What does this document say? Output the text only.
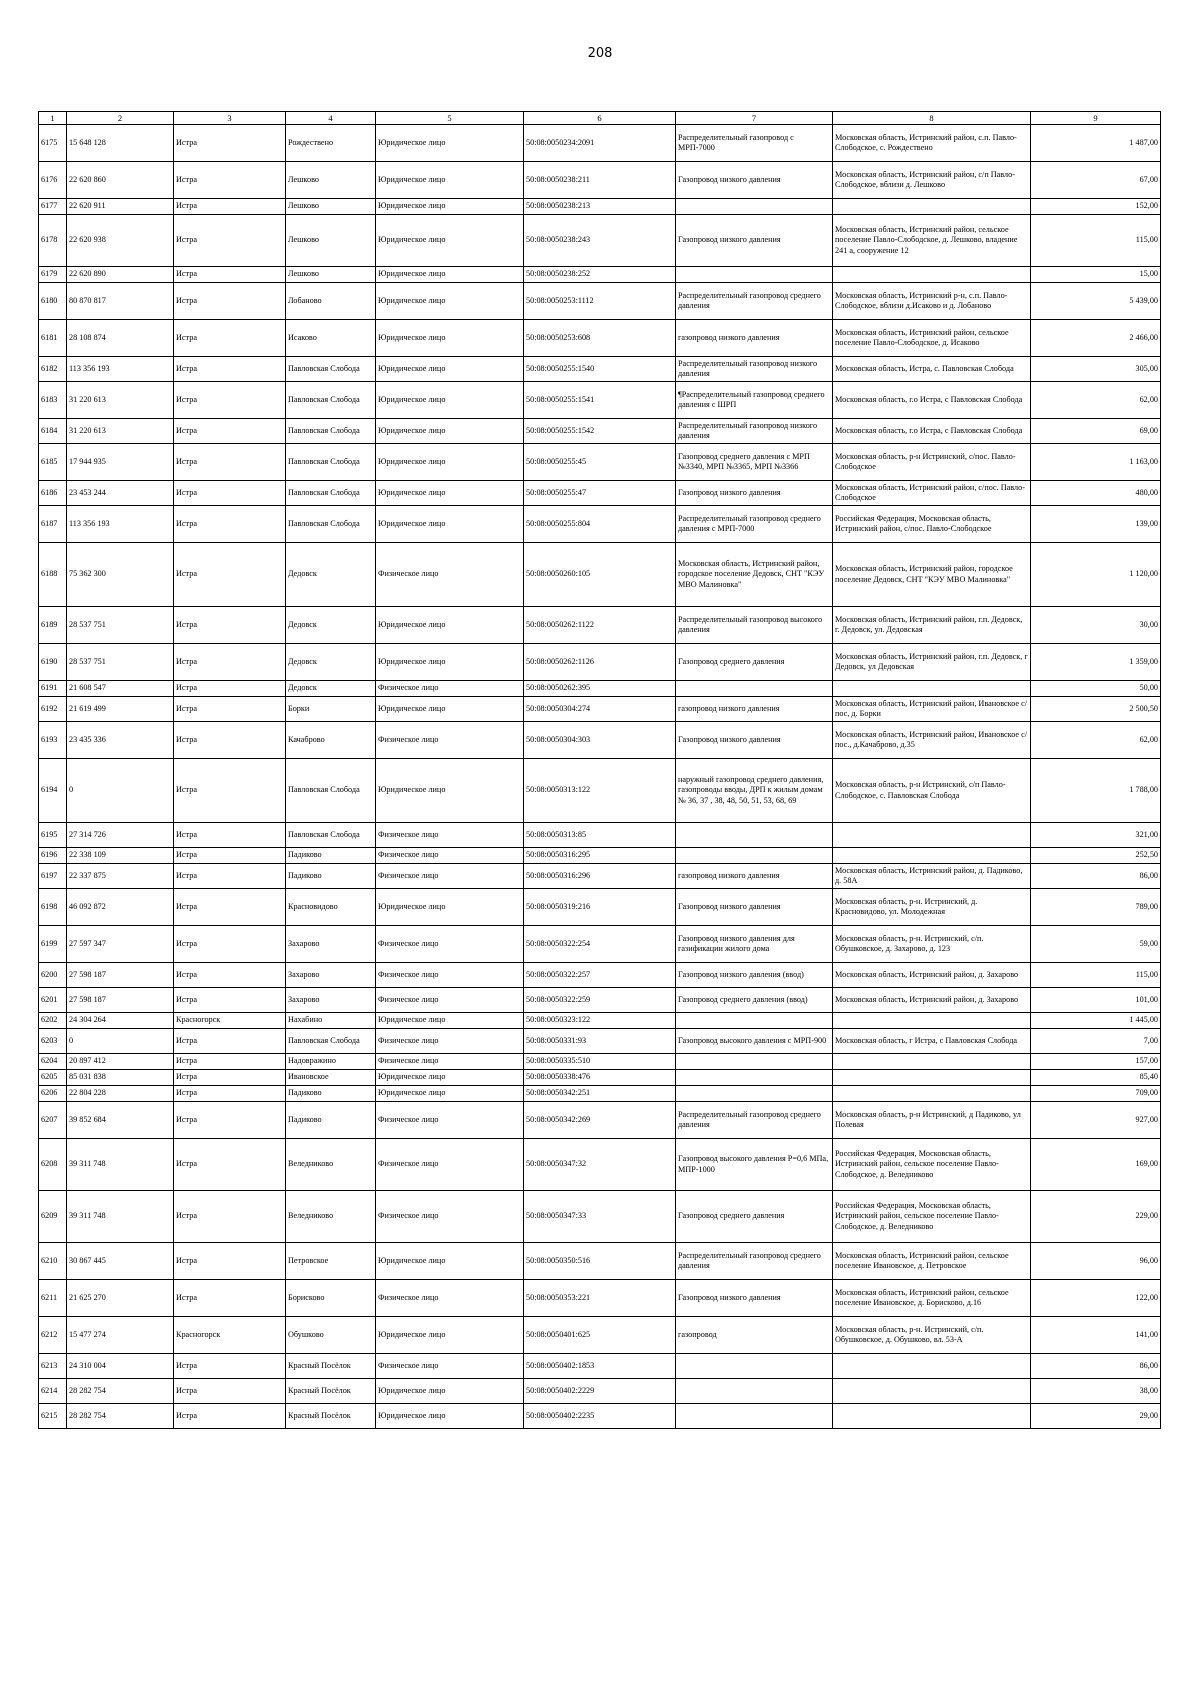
208
1	2	3	4	5	6	7	8	9
6175	15 648 128	Истра	Рождествено	Юридическое лицо	50:08:0050234:2091	Распределительный газопровод с МРП-7000	Московская область, Истринский район, с.п. Павло-Слободское, с. Рождествено	1 487,00
6176	22 620 860	Истра	Лешково	Юридическое лицо	50:08:0050238:211	Газопровод низкого давления	Московская область, Истринский район, с/п Павло-Слободское, вблизи д. Лешково	67,00
6177	22 620 911	Истра	Лешково	Юридическое лицо	50:08:0050238:213			152,00
6178	22 620 938	Истра	Лешково	Юридическое лицо	50:08:0050238:243	Газопровод низкого давления	Московская область, Истринский район, сельское поселение Павло-Слободское, д. Лешково, владение 241 а, сооружение 12	115,00
6179	22 620 890	Истра	Лешково	Юридическое лицо	50:08:0050238:252			15,00
6180	80 870 817	Истра	Лобаново	Юридическое лицо	50:08:0050253:1112	Распределительный газопровод среднего давления	Московская область, Истринский р-н, с.п. Павло-Слободское, вблизи д.Исаково и д. Лобаново	5 439,00
6181	28 108 874	Истра	Исаково	Юридическое лицо	50:08:0050253:608	газопровод низкого давления	Московская область, Истринский район, сельское поселение Павло-Слободское, д. Исаково	2 466,00
6182	113 356 193	Истра	Павловская Слобода	Юридическое лицо	50:08:0050255:1540	Распределительный газопровод низкого давления	Московская область, Истра, с. Павловская Слобода	305,00
6183	31 220 613	Истра	Павловская Слобода	Юридическое лицо	50:08:0050255:1541	¶Распределительный газопровод среднего давления с ШРП	Московская область, г.о Истра, с Павловская Слобода	62,00
6184	31 220 613	Истра	Павловская Слобода	Юридическое лицо	50:08:0050255:1542	Распределительный газопровод низкого давления	Московская область, г.о Истра, с Павловская Слобода	69,00
6185	17 944 935	Истра	Павловская Слобода	Юридическое лицо	50:08:0050255:45	Газопровод среднего давления с МРП №3340, МРП №3365, МРП №3366	Московская область, р-н Истринский, с/пос. Павло-Слободское	1 163,00
6186	23 453 244	Истра	Павловская Слобода	Юридическое лицо	50:08:0050255:47	Газопровод низкого давления	Московская область, Истринский район, с/пос. Павло-Слободское	480,00
6187	113 356 193	Истра	Павловская Слобода	Юридическое лицо	50:08:0050255:804	Распределительный газопровод среднего давления с МРП-7000	Российская Федерация, Московская область, Истринский район, с/пос. Павло-Слободское	139,00
6188	75 362 300	Истра	Дедовск	Физическое лицо	50:08:0050260:105	Московская область, Истринский район, городское поселение Дедовск, СНТ "КЭУ МВО Малиновка"	Московская область, Истринский район, городское поселение Дедовск, СНТ "КЭУ МВО Малиновка"	1 120,00
6189	28 537 751	Истра	Дедовск	Юридическое лицо	50:08:0050262:1122	Распределительный газопровод высокого давления	Московская область, Истринский район, г.п. Дедовск, г. Дедовск, ул. Дедовская	30,00
6190	28 537 751	Истра	Дедовск	Юридическое лицо	50:08:0050262:1126	Газопровод среднего давления	Московская область, Истринский район, г.п. Дедовск, г Дедовск, ул Дедовская	1 359,00
6191	21 608 547	Истра	Дедовск	Физическое лицо	50:08:0050262:395			50,00
6192	21 619 499	Истра	Борки	Юридическое лицо	50:08:0050304:274	газопровод низкого давления	Московская область, Истринский район, Ивановское с/пос, д. Борки	2 500,50
6193	23 435 336	Истра	Качаброво	Физическое лицо	50:08:0050304:303	Газопровод низкого давления	Московская область, Истринский район, Ивановское с/пос., д.Качаброво, д.35	62,00
6194	0	Истра	Павловская Слобода	Юридическое лицо	50:08:0050313:122	наружный газопровод среднего давления, газопроводы вводы, ДРП к жилым домам № 36, 37 , 38, 48, 50, 51, 53, 68, 69	Московская область, р-н Истринский, с/п Павло-Слободское, с. Павловская Слобода	1 788,00
6195	27 314 726	Истра	Павловская Слобода	Физическое лицо	50:08:0050313:85			321,00
6196	22 338 109	Истра	Падиково	Физическое лицо	50:08:0050316:295			252,50
6197	22 337 875	Истра	Падиково	Физическое лицо	50:08:0050316:296	газопровод низкого давления	Московская область, Истринский район, д. Падиково, д. 58А	86,00
6198	46 092 872	Истра	Красновидово	Юридическое лицо	50:08:0050319:216	Газопровод низкого давления	Московская область, р-н. Истринский, д. Красновидово, ул. Молодежная	789,00
6199	27 597 347	Истра	Захарово	Физическое лицо	50:08:0050322:254	Газопровод низкого давления для газификации жилого дома	Московская область, р-н. Истринский, с/п. Обушковское, д. Захарово, д. 123	59,00
6200	27 598 187	Истра	Захарово	Физическое лицо	50:08:0050322:257	Газопровод низкого давления (ввод)	Московская область, Истринский район, д. Захарово	115,00
6201	27 598 187	Истра	Захарово	Физическое лицо	50:08:0050322:259	Газопровод среднего давления (ввод)	Московская область, Истринский район, д. Захарово	101,00
6202	24 304 264	Красногорск	Нахабино	Юридическое лицо	50:08:0050323:122			1 445,00
6203	0	Истра	Павловская Слобода	Физическое лицо	50:08:0050331:93	Газопровод высокого давления с МРП-900	Московская область, г Истра, с Павловская Слобода	7,00
6204	20 897 412	Истра	Надовражино	Физическое лицо	50:08:0050335:510			157,00
6205	85 031 838	Истра	Ивановское	Юридическое лицо	50:08:0050338:476			85,40
6206	22 804 228	Истра	Падиково	Юридическое лицо	50:08:0050342:251			709,00
6207	39 852 684	Истра	Падиково	Физическое лицо	50:08:0050342:269	Распределительный газопровод среднего давления	Московская область, р-н Истринский, д Падиково, ул Полевая	927,00
6208	39 311 748	Истра	Веледниково	Физическое лицо	50:08:0050347:32	Газопровод высокого давления Р=0,6 МПа, МПР-1000	Российская Федерация, Московская область, Истринский район, сельское поселение Павло-Слободское, д. Веледниково	169,00
6209	39 311 748	Истра	Веледниково	Физическое лицо	50:08:0050347:33	Газопровод среднего давления	Российская Федерация, Московская область, Истринский район, сельское поселение Павло-Слободское, д. Веледниково	229,00
6210	30 867 445	Истра	Петровское	Юридическое лицо	50:08:0050350:516	Распределительный газопровод среднего давления	Московская область, Истринский район, сельское поселение Ивановское, д. Петровское	96,00
6211	21 625 270	Истра	Борисково	Физическое лицо	50:08:0050353:221	Газопровод низкого давления	Московская область, Истринский район, сельское поселение Ивановское, д. Борисково, д.16	122,00
6212	15 477 274	Красногорск	Обушково	Юридическое лицо	50:08:0050401:625	газопровод	Московская область, р-н. Истринский, с/п. Обушковское, д. Обушково, вл. 53-А	141,00
6213	24 310 004	Истра	Красный Посёлок	Физическое лицо	50:08:0050402:1853			86,00
6214	28 282 754	Истра	Красный Посёлок	Юридическое лицо	50:08:0050402:2229			38,00
6215	28 282 754	Истра	Красный Посёлок	Юридическое лицо	50:08:0050402:2235			29,00
